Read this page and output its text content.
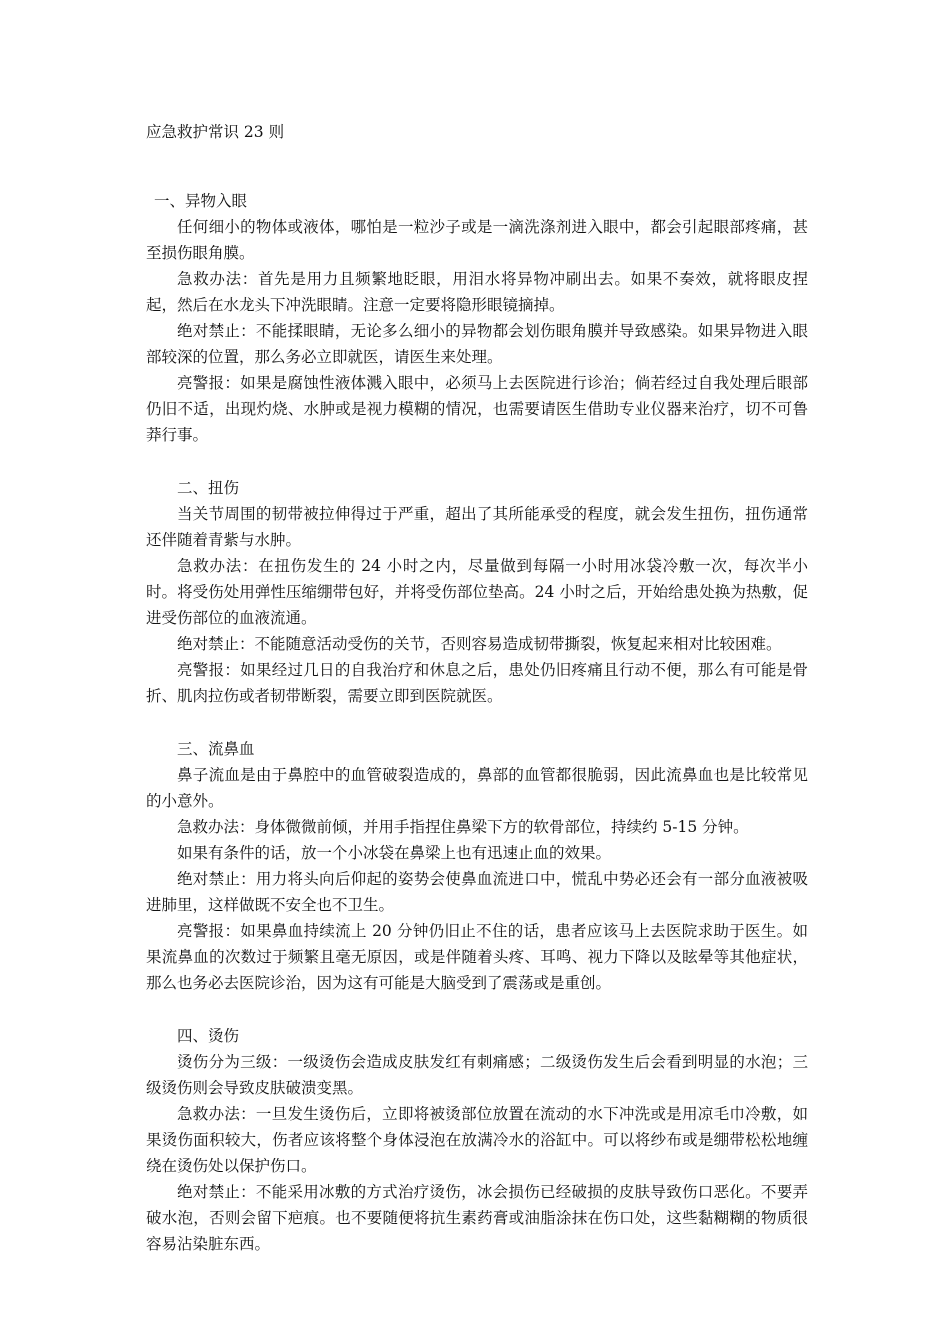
应急救护常识 23 则

一、异物入眼

任何细小的物体或液体，哪怕是一粒沙子或是一滴洗涤剂进入眼中，都会引起眼部疼痛，甚至损伤眼角膜。

急救办法：首先是用力且频繁地眨眼，用泪水将异物冲刷出去。如果不奏效，就将眼皮捏起，然后在水龙头下冲洗眼睛。注意一定要将隐形眼镜摘掉。

绝对禁止：不能揉眼睛，无论多么细小的异物都会划伤眼角膜并导致感染。如果异物进入眼部较深的位置，那么务必立即就医，请医生来处理。

亮警报：如果是腐蚀性液体溅入眼中，必须马上去医院进行诊治；倘若经过自我处理后眼部仍旧不适，出现灼烧、水肿或是视力模糊的情况，也需要请医生借助专业仪器来治疗，切不可鲁莽行事。

二、扭伤

当关节周围的韧带被拉伸得过于严重，超出了其所能承受的程度，就会发生扭伤，扭伤通常还伴随着青紫与水肿。

急救办法：在扭伤发生的 24 小时之内，尽量做到每隔一小时用冰袋冷敷一次，每次半小时。将受伤处用弹性压缩绷带包好，并将受伤部位垫高。24 小时之后，开始给患处换为热敷，促进受伤部位的血液流通。

绝对禁止：不能随意活动受伤的关节，否则容易造成韧带撕裂，恢复起来相对比较困难。

亮警报：如果经过几日的自我治疗和休息之后，患处仍旧疼痛且行动不便，那么有可能是骨折、肌肉拉伤或者韧带断裂，需要立即到医院就医。

三、流鼻血

鼻子流血是由于鼻腔中的血管破裂造成的，鼻部的血管都很脆弱，因此流鼻血也是比较常见的小意外。

急救办法：身体微微前倾，并用手指捏住鼻梁下方的软骨部位，持续约 5-15 分钟。

如果有条件的话，放一个小冰袋在鼻梁上也有迅速止血的效果。

绝对禁止：用力将头向后仰起的姿势会使鼻血流进口中，慌乱中势必还会有一部分血液被吸进肺里，这样做既不安全也不卫生。

亮警报：如果鼻血持续流上 20 分钟仍旧止不住的话，患者应该马上去医院求助于医生。如果流鼻血的次数过于频繁且毫无原因，或是伴随着头疼、耳鸣、视力下降以及眩晕等其他症状，那么也务必去医院诊治，因为这有可能是大脑受到了震荡或是重创。

四、烫伤

烫伤分为三级：一级烫伤会造成皮肤发红有刺痛感；二级烫伤发生后会看到明显的水泡；三级烫伤则会导致皮肤破溃变黑。

急救办法：一旦发生烫伤后，立即将被烫部位放置在流动的水下冲洗或是用凉毛巾冷敷，如果烫伤面积较大，伤者应该将整个身体浸泡在放满冷水的浴缸中。可以将纱布或是绷带松松地缠绕在烫伤处以保护伤口。

绝对禁止：不能采用冰敷的方式治疗烫伤，冰会损伤已经破损的皮肤导致伤口恶化。不要弄破水泡，否则会留下疤痕。也不要随便将抗生素药膏或油脂涂抹在伤口处，这些黏糊糊的物质很容易沾染脏东西。
